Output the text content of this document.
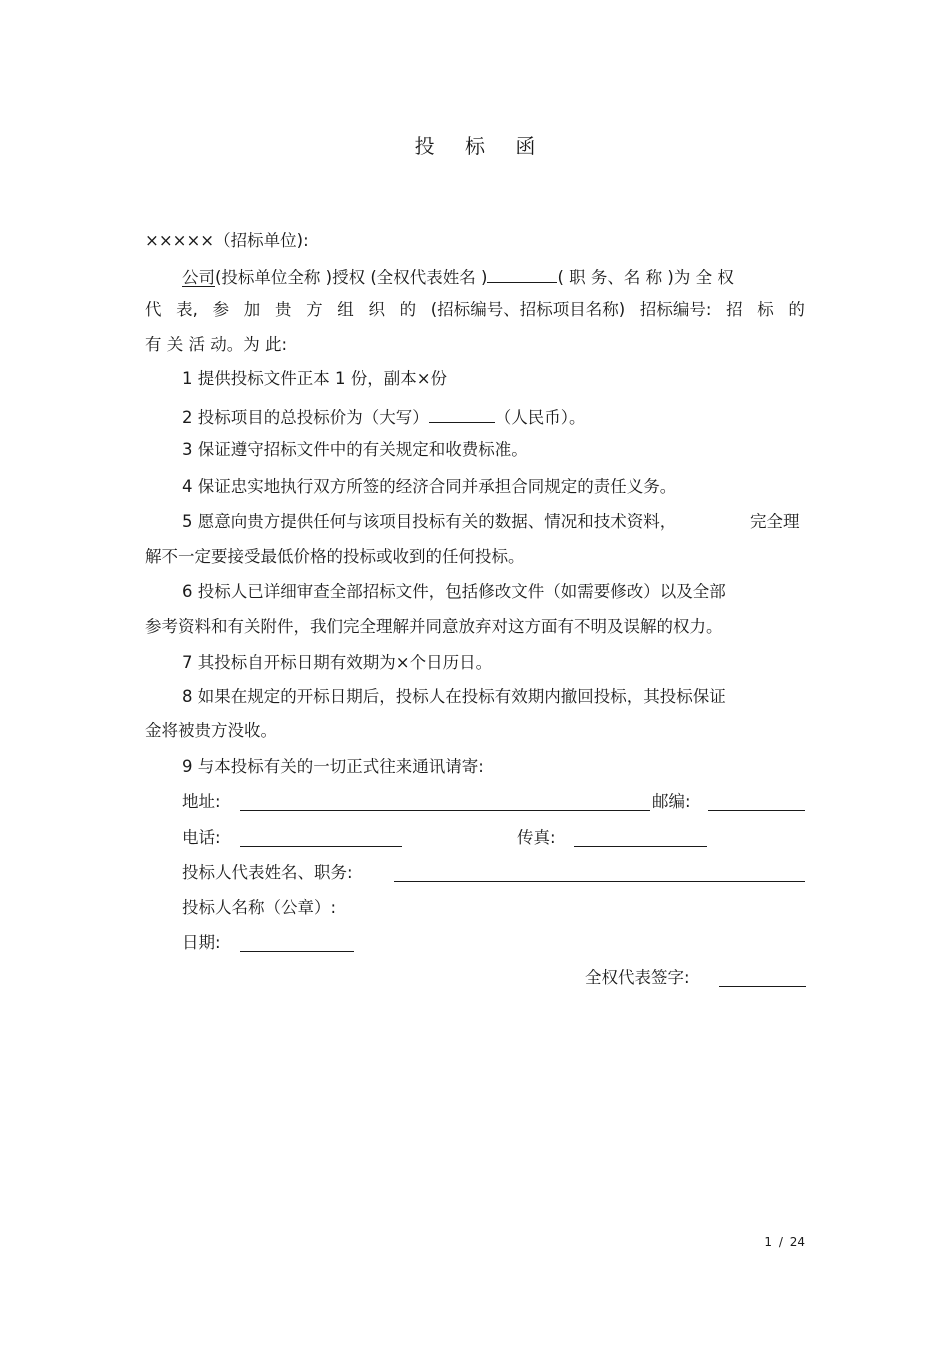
投 标 函
×××××（招标单位):
公司(投标单位全称 )授权 (全权代表姓名 )	( 职 务、名 称 )为 全 权
代 表, 参 加 贵 方 组 织 的 (招标编号、招标项目名称) 招标编号: 招 标 的
有 关 活 动。为 此:
1 提供投标文件正本 1 份，副本×份
2 投标项目的总投标价为（大写）	（人民币）。
3 保证遵守招标文件中的有关规定和收费标准。
4 保证忠实地执行双方所签的经济合同并承担合同规定的责任义务。
5 愿意向贵方提供任何与该项目投标有关的数据、情况和技术资料，	完全理
解不一定要接受最低价格的投标或收到的任何投标。
6 投标人已详细审查全部招标文件，包括修改文件（如需要修改）以及全部
参考资料和有关附件，我们完全理解并同意放弃对这方面有不明及误解的权力。
7 其投标自开标日期有效期为×个日历日。
8 如果在规定的开标日期后，投标人在投标有效期内撤回投标，其投标保证
金将被贵方没收。
9 与本投标有关的一切正式往来通讯请寄:
地址:	邮编:
电话:	传真:
投标人代表姓名、职务:
投标人名称（公章）:
日期:
全权代表签字:
1 / 24
